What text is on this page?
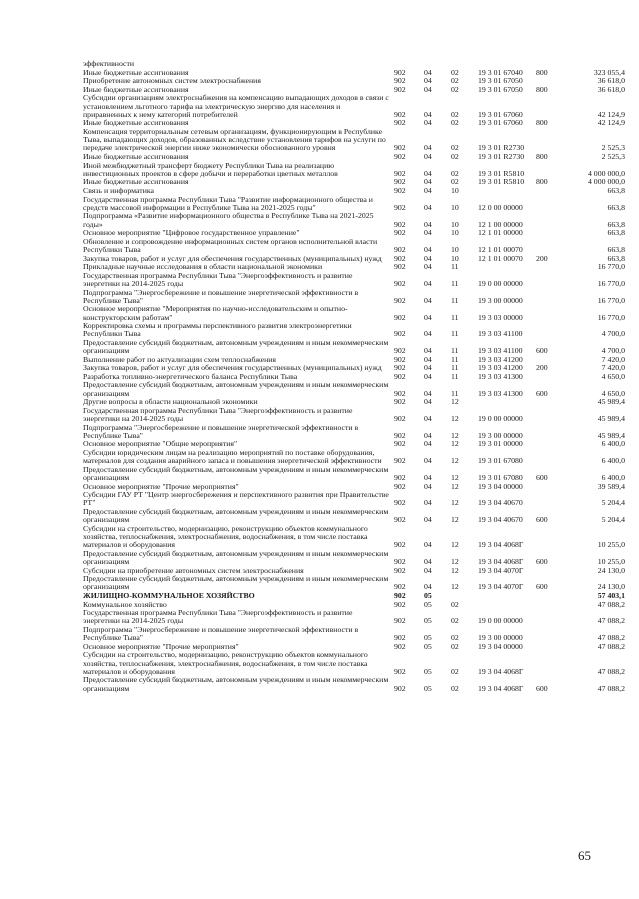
эффективности						
Иные бюджетные ассигнования	902	04	02	19 3 01 67040	800	323 055,4
Приобретение автономных систем электроснабжения	902	04	02	19 3 01 67050		36 618,0
Иные бюджетные ассигнования	902	04	02	19 3 01 67050	800	36 618,0
Субсидии организациям электроснабжения на компенсацию выпадающих доходов в связи с установлением льготного тарифа на электрическую энергию для населения и приравненных к нему категорий потребителей	902	04	02	19 3 01 67060		42 124,9
Иные бюджетные ассигнования	902	04	02	19 3 01 67060	800	42 124,9
Компенсация территориальным сетевым организациям, функционирующим в Республике Тыва, выпадающих доходов, образованных вследствие установления тарифов на услуги по передаче электрической энергии ниже экономически обоснованного уровня	902	04	02	19 3 01 R2730		2 525,3
Иные бюджетные ассигнования	902	04	02	19 3 01 R2730	800	2 525,3
Иной межбюджетный трансферт бюджету Республики Тыва на реализацию инвестиционных проектов в сфере добычи и переработки цветных металлов	902	04	02	19 3 01 R5810		4 000 000,0
Иные бюджетные ассигнования	902	04	02	19 3 01 R5810	800	4 000 000,0
Связь и информатика	902	04	10			663,8
Государственная программа Республики Тыва "Развитие информационного общества и средств массовой информации в Республике Тыва на 2021-2025 годы"	902	04	10	12 0 00 00000		663,8
Подпрограмма «Развитие информационного общества в Республике Тыва на 2021-2025 годы»	902	04	10	12 1 00 00000		663,8
Основное мероприятие "Цифровое государственное управление"	902	04	10	12 1 01 00000		663,8
Обновление и сопровождение информационных систем органов исполнительной власти Республики Тыва	902	04	10	12 1 01 00070		663,8
Закупка товаров, работ и услуг для обеспечения государственных (муниципальных) нужд	902	04	10	12 1 01 00070	200	663,8
Прикладные научные исследования в области национальной экономики	902	04	11			16 770,0
Государственная программа Республики Тыва "Энергоэффективность и развитие энергетики на 2014-2025 годы	902	04	11	19 0 00 00000		16 770,0
Подпрограмма "Энергосбережение и повышение энергетической эффективности в Республике Тыва"	902	04	11	19 3 00 00000		16 770,0
Основное мероприятие "Мероприятия по научно-исследовательским и опытно-конструкторским работам"	902	04	11	19 3 03 00000		16 770,0
Корректировка схемы и программы перспективного развития электроэнергетики Республики Тыва	902	04	11	19 3 03 41100		4 700,0
Предоставление субсидий бюджетным, автономным учреждениям и иным некоммерческим организациям	902	04	11	19 3 03 41100	600	4 700,0
Выполнение работ по актуализации схем теплоснабжения	902	04	11	19 3 03 41200		7 420,0
Закупка товаров, работ и услуг для обеспечения государственных (муниципальных) нужд	902	04	11	19 3 03 41200	200	7 420,0
Разработка топливно-энергетического баланса Республики Тыва	902	04	11	19 3 03 41300		4 650,0
Предоставление субсидий бюджетным, автономным учреждениям и иным некоммерческим организациям	902	04	11	19 3 03 41300	600	4 650,0
Другие вопросы в области национальной экономики	902	04	12			45 989,4
Государственная программа Республики Тыва "Энергоэффективность и развитие энергетики на 2014-2025 годы	902	04	12	19 0 00 00000		45 989,4
Подпрограмма "Энергосбережение и повышение энергетической эффективности в Республике Тыва"	902	04	12	19 3 00 00000		45 989,4
Основное мероприятие "Общие мероприятия"	902	04	12	19 3 01 00000		6 400,0
Субсидии юридическим лицам на реализацию мероприятий по поставке оборудования, материалов для создания аварийного запаса и повышения энергетической эффективности	902	04	12	19 3 01 67080		6 400,0
Предоставление субсидий бюджетным, автономным учреждениям и иным некоммерческим организациям	902	04	12	19 3 01 67080	600	6 400,0
Основное мероприятие "Прочие мероприятия"	902	04	12	19 3 04 00000		39 589,4
Субсидии ГАУ РТ "Центр энергосбережения и перспективного развития при Правительстве РТ"	902	04	12	19 3 04 40670		5 204,4
Предоставление субсидий бюджетным, автономным учреждениям и иным некоммерческим организациям	902	04	12	19 3 04 40670	600	5 204,4
Субсидии на строительство, модернизацию, реконструкцию объектов коммунального хозяйства, теплоснабжения, электроснабжения, водоснабжения, в том числе поставка материалов и оборудования	902	04	12	19 3 04 4068Г		10 255,0
Предоставление субсидий бюджетным, автономным учреждениям и иным некоммерческим организациям	902	04	12	19 3 04 4068Г	600	10 255,0
Субсидии на приобретение автономных систем электроснабжения	902	04	12	19 3 04 4070Г		24 130,0
Предоставление субсидий бюджетным, автономным учреждениям и иным некоммерческим организациям	902	04	12	19 3 04 4070Г	600	24 130,0
ЖИЛИЩНО-КОММУНАЛЬНОЕ ХОЗЯЙСТВО	902	05				57 403,1
Коммунальное хозяйство	902	05	02			47 088,2
Государственная программа Республики Тыва "Энергоэффективность и развитие энергетики на 2014-2025 годы	902	05	02	19 0 00 00000		47 088,2
Подпрограмма "Энергосбережение и повышение энергетической эффективности в Республике Тыва"	902	05	02	19 3 00 00000		47 088,2
Основное мероприятие "Прочие мероприятия"	902	05	02	19 3 04 00000		47 088,2
Субсидии на строительство, модернизацию, реконструкцию объектов коммунального хозяйства, теплоснабжения, электроснабжения, водоснабжения, в том числе поставка материалов и оборудования	902	05	02	19 3 04 4068Г		47 088,2
Предоставление субсидий бюджетным, автономным учреждениям и иным некоммерческим организациям	902	05	02	19 3 04 4068Г	600	47 088,2
65
